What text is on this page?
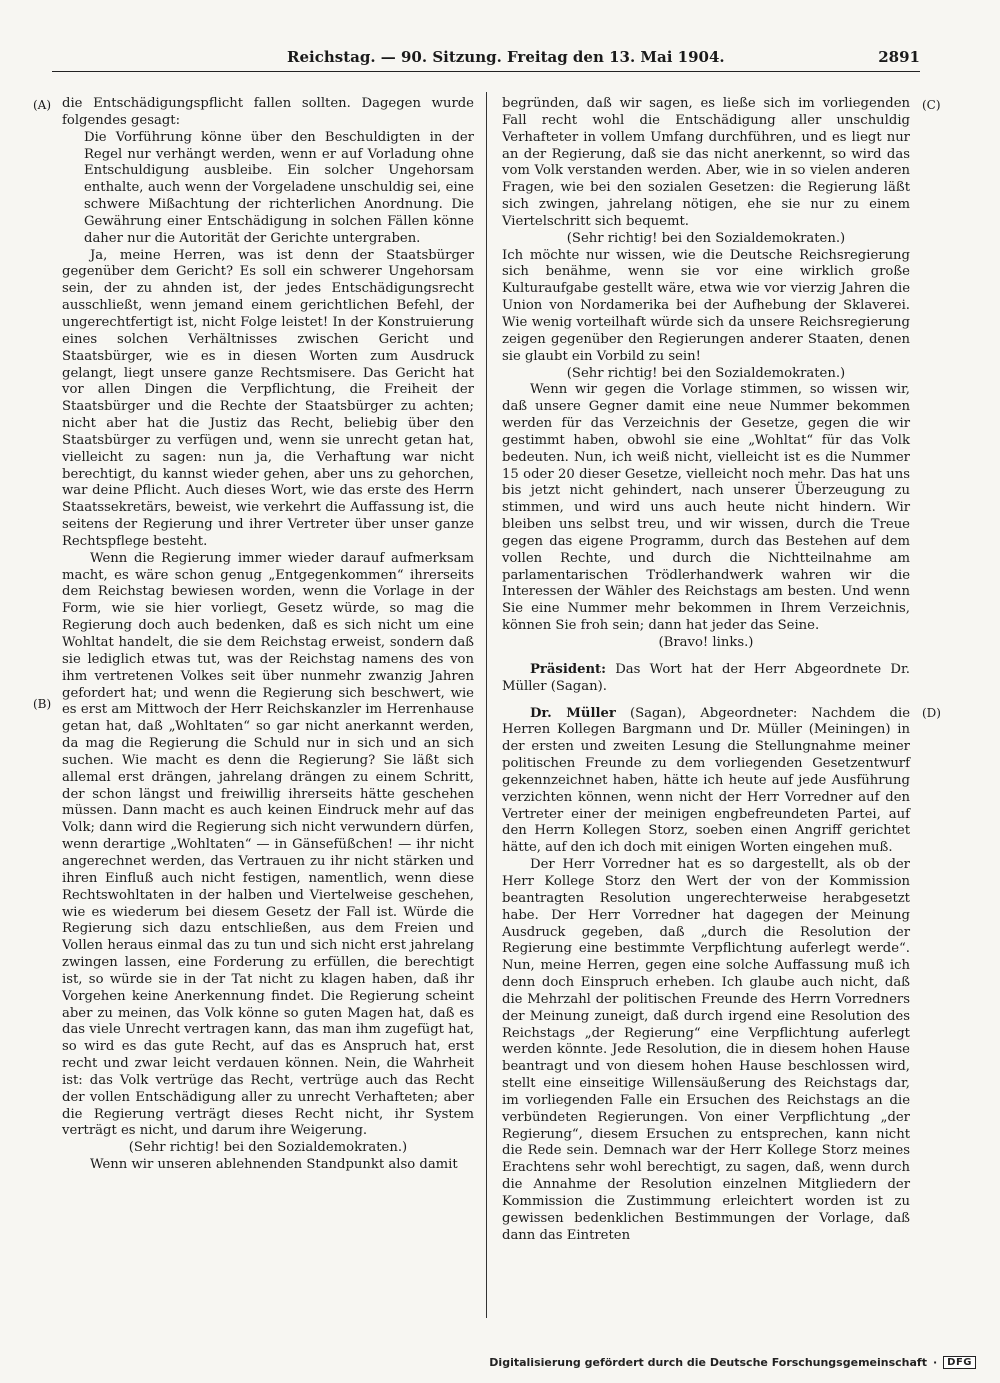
Reichstag. — 90. Sitzung. Freitag den 13. Mai 1904.	2891
(A)
(B)
(C)
(D)

die Entschädigungspflicht fallen sollten. Dagegen wurde folgendes gesagt:

Die Vorführung könne über den Beschuldigten in der Regel nur verhängt werden, wenn er auf Vorladung ohne Entschuldigung ausbleibe. Ein solcher Ungehorsam enthalte, auch wenn der Vorgeladene unschuldig sei, eine schwere Mißachtung der richterlichen Anordnung. Die Gewährung einer Entschädigung in solchen Fällen könne daher nur die Autorität der Gerichte untergraben.

Ja, meine Herren, was ist denn der Staatsbürger gegenüber dem Gericht? Es soll ein schwerer Ungehorsam sein, der zu ahnden ist, der jedes Entschädigungsrecht ausschließt, wenn jemand einem gerichtlichen Befehl, der ungerechtfertigt ist, nicht Folge leistet! In der Konstruierung eines solchen Verhältnisses zwischen Gericht und Staatsbürger, wie es in diesen Worten zum Ausdruck gelangt, liegt unsere ganze Rechtsmisere. Das Gericht hat vor allen Dingen die Verpflichtung, die Freiheit der Staatsbürger und die Rechte der Staatsbürger zu achten; nicht aber hat die Justiz das Recht, beliebig über den Staatsbürger zu verfügen und, wenn sie unrecht getan hat, vielleicht zu sagen: nun ja, die Verhaftung war nicht berechtigt, du kannst wieder gehen, aber uns zu gehorchen, war deine Pflicht. Auch dieses Wort, wie das erste des Herrn Staatssekretärs, beweist, wie verkehrt die Auffassung ist, die seitens der Regierung und ihrer Vertreter über unser ganze Rechtspflege besteht.

Wenn die Regierung immer wieder darauf aufmerksam macht, es wäre schon genug „Entgegenkommen“ ihrerseits dem Reichstag bewiesen worden, wenn die Vorlage in der Form, wie sie hier vorliegt, Gesetz würde, so mag die Regierung doch auch bedenken, daß es sich nicht um eine Wohltat handelt, die sie dem Reichstag erweist, sondern daß sie lediglich etwas tut, was der Reichstag namens des von ihm vertretenen Volkes seit über nunmehr zwanzig Jahren gefordert hat; und wenn die Regierung sich beschwert, wie es erst am Mittwoch der Herr Reichskanzler im Herrenhause getan hat, daß „Wohltaten“ so gar nicht anerkannt werden, da mag die Regierung die Schuld nur in sich und an sich suchen. Wie macht es denn die Regierung? Sie läßt sich allemal erst drängen, jahrelang drängen zu einem Schritt, der schon längst und freiwillig ihrerseits hätte geschehen müssen. Dann macht es auch keinen Eindruck mehr auf das Volk; dann wird die Regierung sich nicht verwundern dürfen, wenn derartige „Wohltaten“ — in Gänsefüßchen! — ihr nicht angerechnet werden, das Vertrauen zu ihr nicht stärken und ihren Einfluß auch nicht festigen, namentlich, wenn diese Rechtswohltaten in der halben und Viertelweise geschehen, wie es wiederum bei diesem Gesetz der Fall ist. Würde die Regierung sich dazu entschließen, aus dem Freien und Vollen heraus einmal das zu tun und sich nicht erst jahrelang zwingen lassen, eine Forderung zu erfüllen, die berechtigt ist, so würde sie in der Tat nicht zu klagen haben, daß ihr Vorgehen keine Anerkennung findet. Die Regierung scheint aber zu meinen, das Volk könne so guten Magen hat, daß es das viele Unrecht vertragen kann, das man ihm zugefügt hat, so wird es das gute Recht, auf das es Anspruch hat, erst recht und zwar leicht verdauen können. Nein, die Wahrheit ist: das Volk vertrüge das Recht, vertrüge auch das Recht der vollen Entschädigung aller zu unrecht Verhafteten; aber die Regierung verträgt dieses Recht nicht, ihr System verträgt es nicht, und darum ihre Weigerung.

(Sehr richtig! bei den Sozialdemokraten.)

Wenn wir unseren ablehnenden Standpunkt also damit

begründen, daß wir sagen, es ließe sich im vorliegenden Fall recht wohl die Entschädigung aller unschuldig Verhafteter in vollem Umfang durchführen, und es liegt nur an der Regierung, daß sie das nicht anerkennt, so wird das vom Volk verstanden werden. Aber, wie in so vielen anderen Fragen, wie bei den sozialen Gesetzen: die Regierung läßt sich zwingen, jahrelang nötigen, ehe sie nur zu einem Viertelschritt sich bequemt.

(Sehr richtig! bei den Sozialdemokraten.)

Ich möchte nur wissen, wie die Deutsche Reichsregierung sich benähme, wenn sie vor eine wirklich große Kulturaufgabe gestellt wäre, etwa wie vor vierzig Jahren die Union von Nordamerika bei der Aufhebung der Sklaverei. Wie wenig vorteilhaft würde sich da unsere Reichsregierung zeigen gegenüber den Regierungen anderer Staaten, denen sie glaubt ein Vorbild zu sein!

(Sehr richtig! bei den Sozialdemokraten.)

Wenn wir gegen die Vorlage stimmen, so wissen wir, daß unsere Gegner damit eine neue Nummer bekommen werden für das Verzeichnis der Gesetze, gegen die wir gestimmt haben, obwohl sie eine „Wohltat“ für das Volk bedeuten. Nun, ich weiß nicht, vielleicht ist es die Nummer 15 oder 20 dieser Gesetze, vielleicht noch mehr. Das hat uns bis jetzt nicht gehindert, nach unserer Überzeugung zu stimmen, und wird uns auch heute nicht hindern. Wir bleiben uns selbst treu, und wir wissen, durch die Treue gegen das eigene Programm, durch das Bestehen auf dem vollen Rechte, und durch die Nichtteilnahme am parlamentarischen Trödlerhandwerk wahren wir die Interessen der Wähler des Reichstags am besten. Und wenn Sie eine Nummer mehr bekommen in Ihrem Verzeichnis, können Sie froh sein; dann hat jeder das Seine.

(Bravo! links.)

Präsident: Das Wort hat der Herr Abgeordnete Dr. Müller (Sagan).

Dr. Müller (Sagan), Abgeordneter: Nachdem die Herren Kollegen Bargmann und Dr. Müller (Meiningen) in der ersten und zweiten Lesung die Stellungnahme meiner politischen Freunde zu dem vorliegenden Gesetzentwurf gekennzeichnet haben, hätte ich heute auf jede Ausführung verzichten können, wenn nicht der Herr Vorredner auf den Vertreter einer der meinigen engbefreundeten Partei, auf den Herrn Kollegen Storz, soeben einen Angriff gerichtet hätte, auf den ich doch mit einigen Worten eingehen muß.

Der Herr Vorredner hat es so dargestellt, als ob der Herr Kollege Storz den Wert der von der Kommission beantragten Resolution ungerechterweise herabgesetzt habe. Der Herr Vorredner hat dagegen der Meinung Ausdruck gegeben, daß „durch die Resolution der Regierung eine bestimmte Verpflichtung auferlegt werde“. Nun, meine Herren, gegen eine solche Auffassung muß ich denn doch Einspruch erheben. Ich glaube auch nicht, daß die Mehrzahl der politischen Freunde des Herrn Vorredners der Meinung zuneigt, daß durch irgend eine Resolution des Reichstags „der Regierung“ eine Verpflichtung auferlegt werden könnte. Jede Resolution, die in diesem hohen Hause beantragt und von diesem hohen Hause beschlossen wird, stellt eine einseitige Willensäußerung des Reichstags dar, im vorliegenden Falle ein Ersuchen des Reichstags an die verbündeten Regierungen. Von einer Verpflichtung „der Regierung“, diesem Ersuchen zu entsprechen, kann nicht die Rede sein. Demnach war der Herr Kollege Storz meines Erachtens sehr wohl berechtigt, zu sagen, daß, wenn durch die Annahme der Resolution einzelnen Mitgliedern der Kommission die Zustimmung erleichtert worden ist zu gewissen bedenklichen Bestimmungen der Vorlage, daß dann das Eintreten

Digitalisierung gefördert durch die Deutsche Forschungsgemeinschaft ·	DFG
